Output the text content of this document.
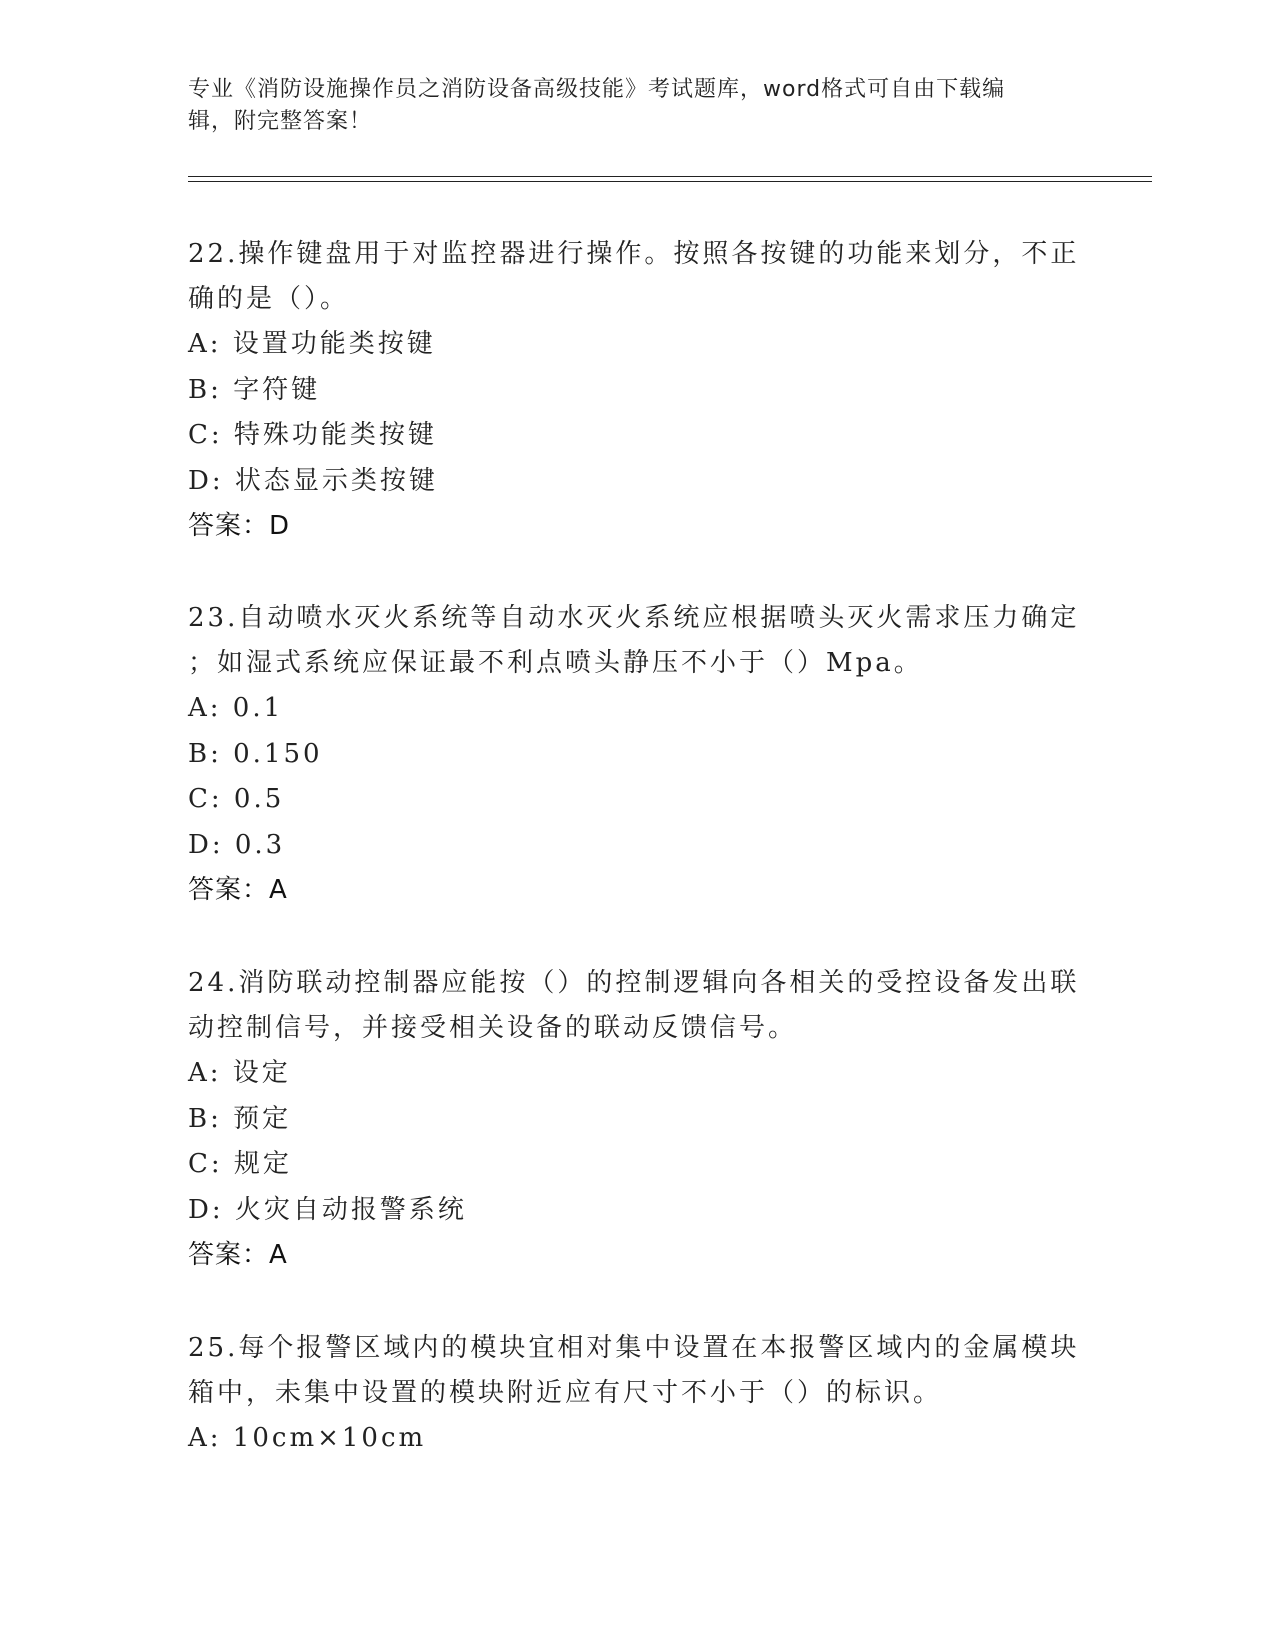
专业《消防设施操作员之消防设备高级技能》考试题库，word格式可自由下载编
辑，附完整答案！

22.操作键盘用于对监控器进行操作。按照各按键的功能来划分，不正

确的是（）。

A: 设置功能类按键

B: 字符键

C: 特殊功能类按键

D: 状态显示类按键

答案：D

23.自动喷水灭火系统等自动水灭火系统应根据喷头灭火需求压力确定

；如湿式系统应保证最不利点喷头静压不小于（）Mpa。

A: 0.1

B: 0.150

C: 0.5

D: 0.3

答案：A

24.消防联动控制器应能按（）的控制逻辑向各相关的受控设备发出联

动控制信号，并接受相关设备的联动反馈信号。

A: 设定

B: 预定

C: 规定

D: 火灾自动报警系统

答案：A

25.每个报警区域内的模块宜相对集中设置在本报警区域内的金属模块

箱中，未集中设置的模块附近应有尺寸不小于（）的标识。

A: 10cm×10cm
